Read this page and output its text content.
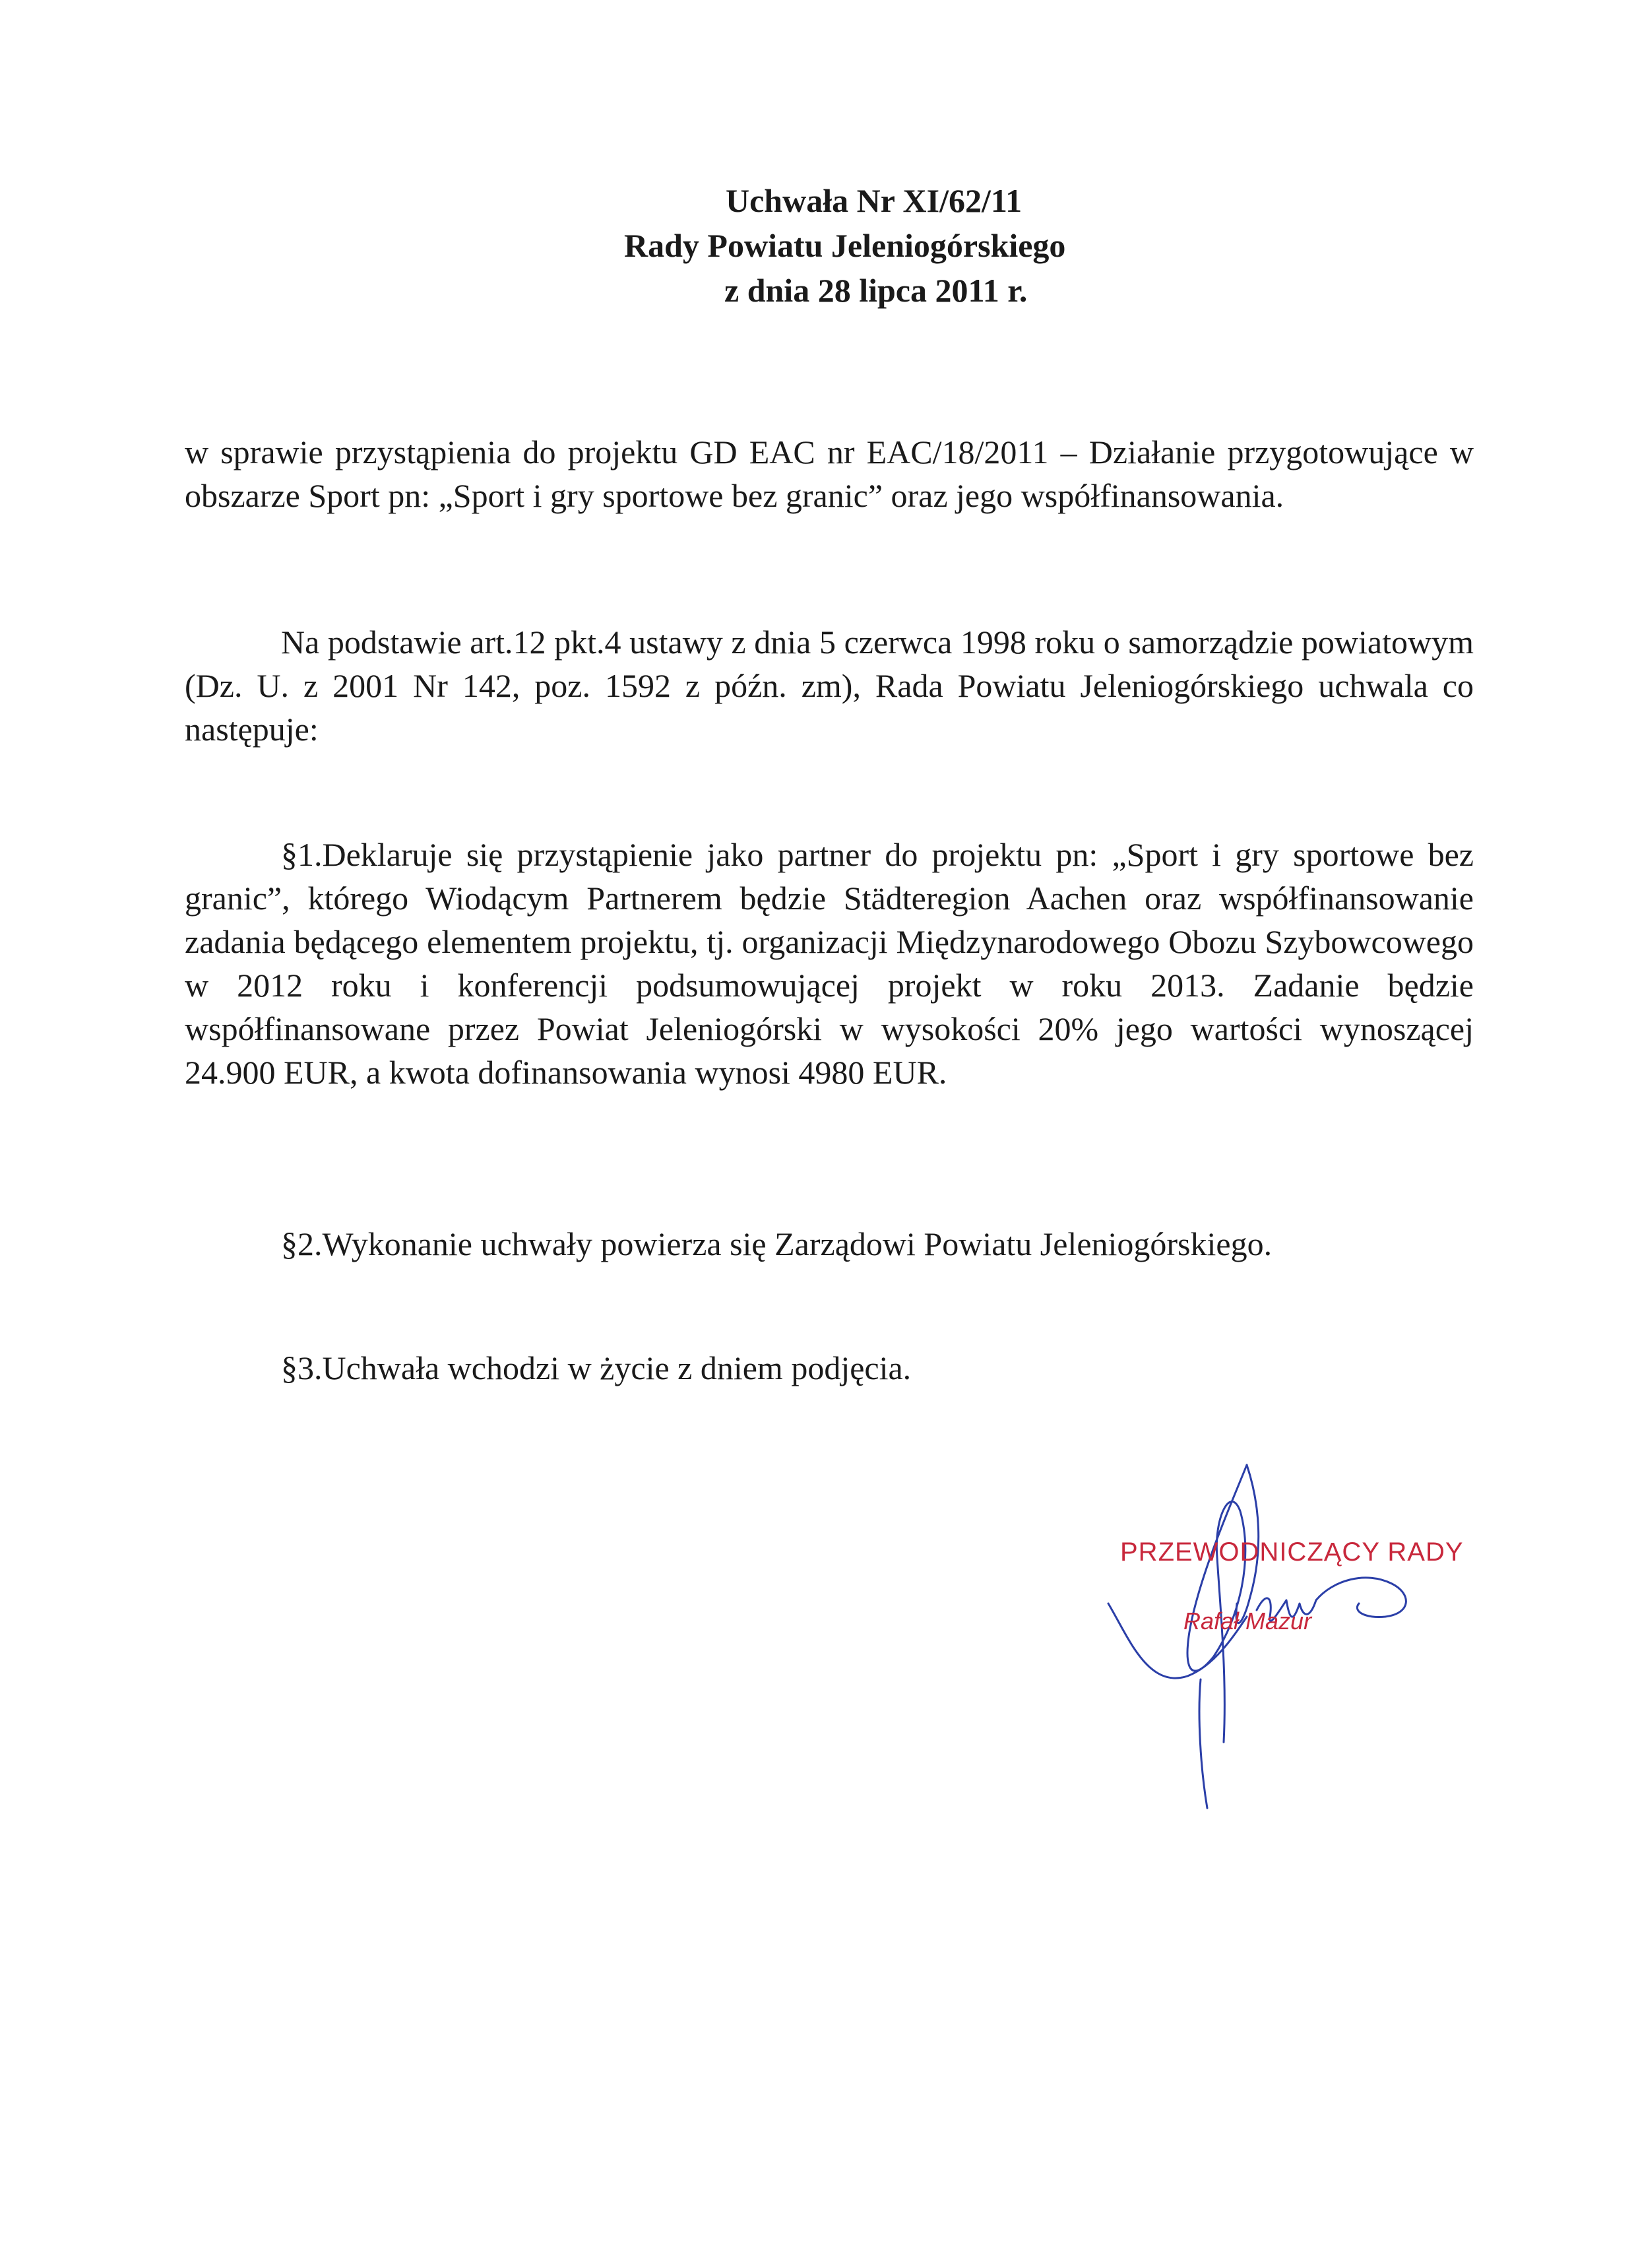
Uchwała Nr XI/62/11
Rady Powiatu Jeleniogórskiego
z dnia 28 lipca 2011 r.

w sprawie przystąpienia do projektu GD EAC nr EAC/18/2011 – Działanie przygotowujące w obszarze Sport pn: „Sport i gry sportowe bez granic” oraz jego współfinansowania.

Na podstawie art.12 pkt.4 ustawy z dnia 5 czerwca 1998 roku o samorządzie powiatowym (Dz. U. z 2001 Nr 142, poz. 1592 z późn. zm), Rada Powiatu Jeleniogórskiego uchwala co następuje:

§1.Deklaruje się przystąpienie jako partner do projektu pn: „Sport i gry sportowe bez granic”, którego Wiodącym Partnerem będzie Städteregion Aachen oraz współfinansowanie zadania będącego elementem projektu, tj. organizacji Międzynarodowego Obozu Szybowcowego w 2012 roku i konferencji podsumowującej projekt w roku 2013. Zadanie będzie współfinansowane przez Powiat Jeleniogórski w wysokości 20% jego wartości wynoszącej 24.900 EUR, a kwota dofinansowania wynosi 4980 EUR.

§2.Wykonanie uchwały powierza się Zarządowi Powiatu Jeleniogórskiego.

§3.Uchwała wchodzi w życie z dniem podjęcia.

PRZEWODNICZĄCY RADY
Rafał Mazur
